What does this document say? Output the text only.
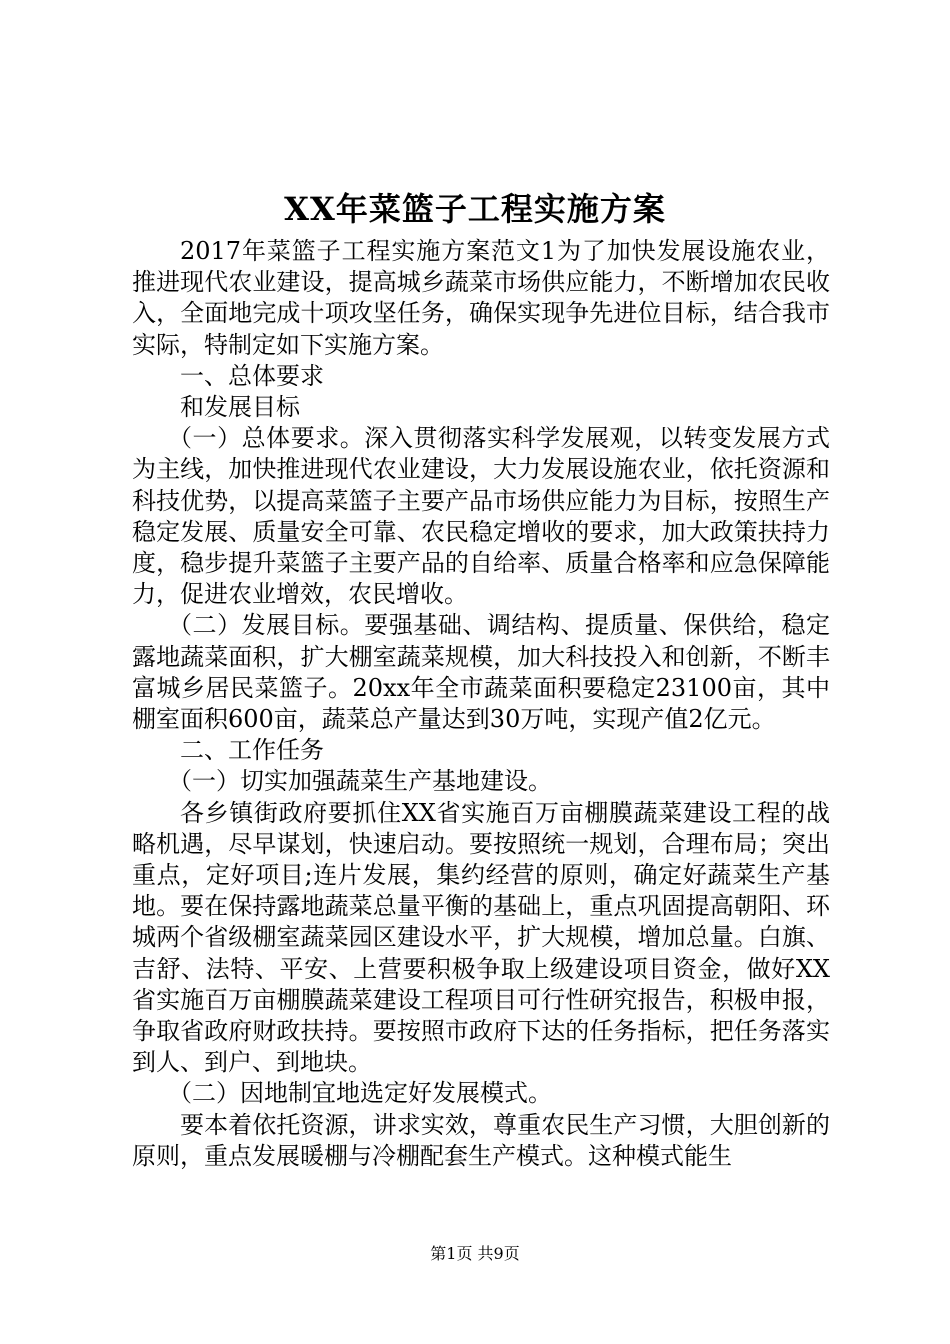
XX年菜篮子工程实施方案

2017年菜篮子工程实施方案范文1为了加快发展设施农业，推进现代农业建设，提高城乡蔬菜市场供应能力，不断增加农民收入，全面地完成十项攻坚任务，确保实现争先进位目标，结合我市实际，特制定如下实施方案。

一、总体要求

和发展目标

（一）总体要求。深入贯彻落实科学发展观，以转变发展方式为主线，加快推进现代农业建设，大力发展设施农业，依托资源和科技优势，以提高菜篮子主要产品市场供应能力为目标，按照生产稳定发展、质量安全可靠、农民稳定增收的要求，加大政策扶持力度，稳步提升菜篮子主要产品的自给率、质量合格率和应急保障能力，促进农业增效，农民增收。

（二）发展目标。要强基础、调结构、提质量、保供给，稳定露地蔬菜面积，扩大棚室蔬菜规模，加大科技投入和创新，不断丰富城乡居民菜篮子。20xx年全市蔬菜面积要稳定23100亩，其中棚室面积600亩，蔬菜总产量达到30万吨，实现产值2亿元。

二、工作任务

（一）切实加强蔬菜生产基地建设。

各乡镇街政府要抓住XX省实施百万亩棚膜蔬菜建设工程的战略机遇，尽早谋划，快速启动。要按照统一规划，合理布局；突出重点，定好项目;连片发展，集约经营的原则，确定好蔬菜生产基地。要在保持露地蔬菜总量平衡的基础上，重点巩固提高朝阳、环城两个省级棚室蔬菜园区建设水平，扩大规模，增加总量。白旗、吉舒、法特、平安、上营要积极争取上级建设项目资金，做好XX省实施百万亩棚膜蔬菜建设工程项目可行性研究报告，积极申报，争取省政府财政扶持。要按照市政府下达的任务指标，把任务落实到人、到户、到地块。

（二）因地制宜地选定好发展模式。

要本着依托资源，讲求实效，尊重农民生产习惯，大胆创新的原则，重点发展暖棚与冷棚配套生产模式。这种模式能生

第1页 共9页
